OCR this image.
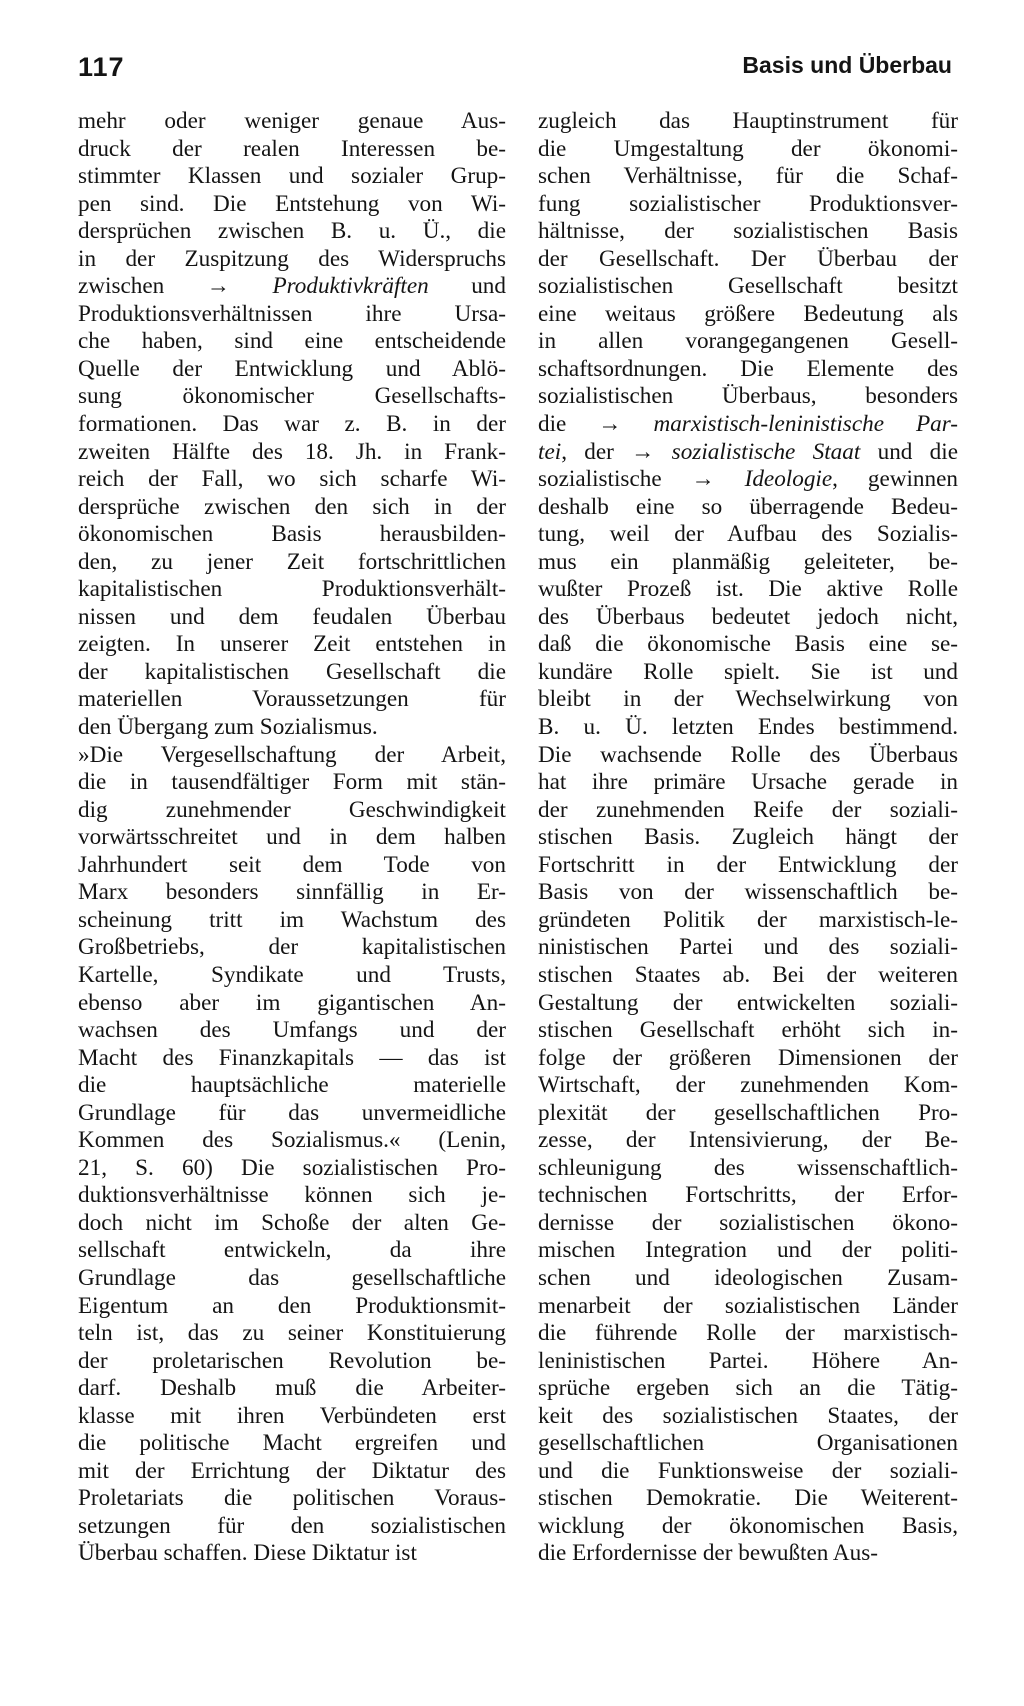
117	Basis und Überbau
mehr oder weniger genaue Aus-
druck der realen Interessen be-
stimmter Klassen und sozialer Grup-
pen sind. Die Entstehung von Wi-
dersprüchen zwischen B. u. Ü., die
in der Zuspitzung des Widerspruchs
zwischen → Produktivkräften und
Produktionsverhältnissen ihre Ursa-
che haben, sind eine entscheidende
Quelle der Entwicklung und Ablö-
sung ökonomischer Gesellschafts-
formationen. Das war z. B. in der
zweiten Hälfte des 18. Jh. in Frank-
reich der Fall, wo sich scharfe Wi-
dersprüche zwischen den sich in der
ökonomischen Basis herausbilden-
den, zu jener Zeit fortschrittlichen
kapitalistischen Produktionsverhält-
nissen und dem feudalen Überbau
zeigten. In unserer Zeit entstehen in
der kapitalistischen Gesellschaft die
materiellen Voraussetzungen für
den Übergang zum Sozialismus.
»Die Vergesellschaftung der Arbeit,
die in tausendfältiger Form mit stän-
dig zunehmender Geschwindigkeit
vorwärtsschreitet und in dem halben
Jahrhundert seit dem Tode von
Marx besonders sinnfällig in Er-
scheinung tritt im Wachstum des
Großbetriebs, der kapitalistischen
Kartelle, Syndikate und Trusts,
ebenso aber im gigantischen An-
wachsen des Umfangs und der
Macht des Finanzkapitals — das ist
die hauptsächliche materielle
Grundlage für das unvermeidliche
Kommen des Sozialismus.« (Lenin,
21, S. 60) Die sozialistischen Pro-
duktionsverhältnisse können sich je-
doch nicht im Schoße der alten Ge-
sellschaft entwickeln, da ihre
Grundlage das gesellschaftliche
Eigentum an den Produktionsmit-
teln ist, das zu seiner Konstituierung
der proletarischen Revolution be-
darf. Deshalb muß die Arbeiter-
klasse mit ihren Verbündeten erst
die politische Macht ergreifen und
mit der Errichtung der Diktatur des
Proletariats die politischen Voraus-
setzungen für den sozialistischen
Überbau schaffen. Diese Diktatur ist
zugleich das Hauptinstrument für
die Umgestaltung der ökonomi-
schen Verhältnisse, für die Schaf-
fung sozialistischer Produktionsver-
hältnisse, der sozialistischen Basis
der Gesellschaft. Der Überbau der
sozialistischen Gesellschaft besitzt
eine weitaus größere Bedeutung als
in allen vorangegangenen Gesell-
schaftsordnungen. Die Elemente des
sozialistischen Überbaus, besonders
die → marxistisch-leninistische Par-
tei, der → sozialistische Staat und die
sozialistische → Ideologie, gewinnen
deshalb eine so überragende Bedeu-
tung, weil der Aufbau des Sozialis-
mus ein planmäßig geleiteter, be-
wußter Prozeß ist. Die aktive Rolle
des Überbaus bedeutet jedoch nicht,
daß die ökonomische Basis eine se-
kundäre Rolle spielt. Sie ist und
bleibt in der Wechselwirkung von
B. u. Ü. letzten Endes bestimmend.
Die wachsende Rolle des Überbaus
hat ihre primäre Ursache gerade in
der zunehmenden Reife der soziali-
stischen Basis. Zugleich hängt der
Fortschritt in der Entwicklung der
Basis von der wissenschaftlich be-
gründeten Politik der marxistisch-le-
ninistischen Partei und des soziali-
stischen Staates ab. Bei der weiteren
Gestaltung der entwickelten soziali-
stischen Gesellschaft erhöht sich in-
folge der größeren Dimensionen der
Wirtschaft, der zunehmenden Kom-
plexität der gesellschaftlichen Pro-
zesse, der Intensivierung, der Be-
schleunigung des wissenschaftlich-
technischen Fortschritts, der Erfor-
dernisse der sozialistischen ökono-
mischen Integration und der politi-
schen und ideologischen Zusam-
menarbeit der sozialistischen Länder
die führende Rolle der marxistisch-
leninistischen Partei. Höhere An-
sprüche ergeben sich an die Tätig-
keit des sozialistischen Staates, der
gesellschaftlichen Organisationen
und die Funktionsweise der soziali-
stischen Demokratie. Die Weiterent-
wicklung der ökonomischen Basis,
die Erfordernisse der bewußten Aus-
